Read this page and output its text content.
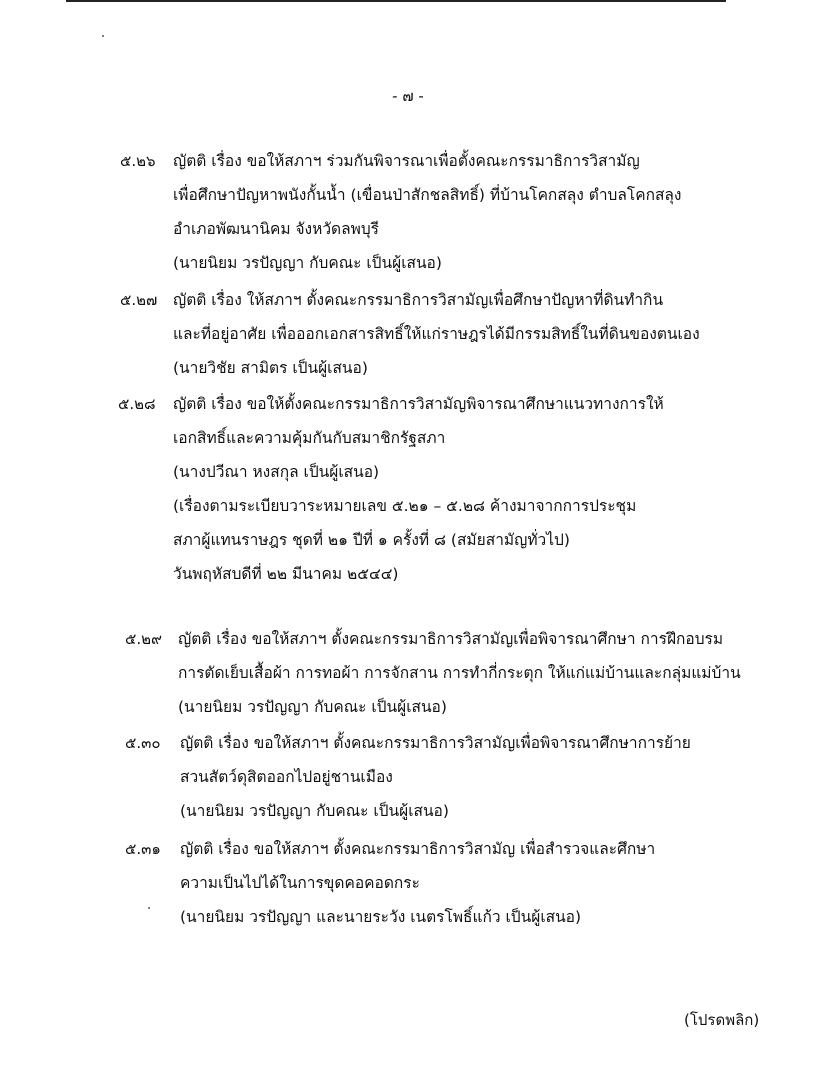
- ๗ -
๕.๒๖ ญัตติ เรื่อง ขอให้สภาฯ ร่วมกันพิจารณาเพื่อตั้งคณะกรรมาธิการวิสามัญ
เพื่อศึกษาปัญหาพนังกั้นน้ำ (เขื่อนป่าสักชลสิทธิ์) ที่บ้านโคกสลุง ตำบลโคกสลุง
อำเภอพัฒนานิคม จังหวัดลพบุรี
(นายนิยม วรปัญญา กับคณะ เป็นผู้เสนอ)
๕.๒๗ ญัตติ เรื่อง ให้สภาฯ ตั้งคณะกรรมาธิการวิสามัญเพื่อศึกษาปัญหาที่ดินทำกิน
และที่อยู่อาศัย เพื่อออกเอกสารสิทธิ์ให้แก่ราษฎรได้มีกรรมสิทธิ์ในที่ดินของตนเอง
(นายวิชัย สามิตร เป็นผู้เสนอ)
๕.๒๘ ญัตติ เรื่อง ขอให้ตั้งคณะกรรมาธิการวิสามัญพิจารณาศึกษาแนวทางการให้
เอกสิทธิ์และความคุ้มกันกับสมาชิกรัฐสภา
(นางปวีณา หงสกุล เป็นผู้เสนอ)
(เรื่องตามระเบียบวาระหมายเลข ๕.๒๑ – ๕.๒๘ ค้างมาจากการประชุม
สภาผู้แทนราษฎร ชุดที่ ๒๑ ปีที่ ๑ ครั้งที่ ๘ (สมัยสามัญทั่วไป)
วันพฤหัสบดีที่ ๒๒ มีนาคม ๒๕๔๔)
๕.๒๙ ญัตติ เรื่อง ขอให้สภาฯ ตั้งคณะกรรมาธิการวิสามัญเพื่อพิจารณาศึกษา การฝึกอบรม
การตัดเย็บเสื้อผ้า การทอผ้า การจักสาน การทำกี่กระตุก ให้แก่แม่บ้านและกลุ่มแม่บ้าน
(นายนิยม วรปัญญา กับคณะ เป็นผู้เสนอ)
๕.๓๐ ญัตติ เรื่อง ขอให้สภาฯ ตั้งคณะกรรมาธิการวิสามัญเพื่อพิจารณาศึกษาการย้าย
สวนสัตว์ดุสิตออกไปอยู่ชานเมือง
(นายนิยม วรปัญญา กับคณะ เป็นผู้เสนอ)
๕.๓๑ ญัตติ เรื่อง ขอให้สภาฯ ตั้งคณะกรรมาธิการวิสามัญ เพื่อสำรวจและศึกษา
ความเป็นไปได้ในการขุดคอคอดกระ
(นายนิยม วรปัญญา และนายระวัง เนตรโพธิ์แก้ว เป็นผู้เสนอ)
(โปรดพลิก)
